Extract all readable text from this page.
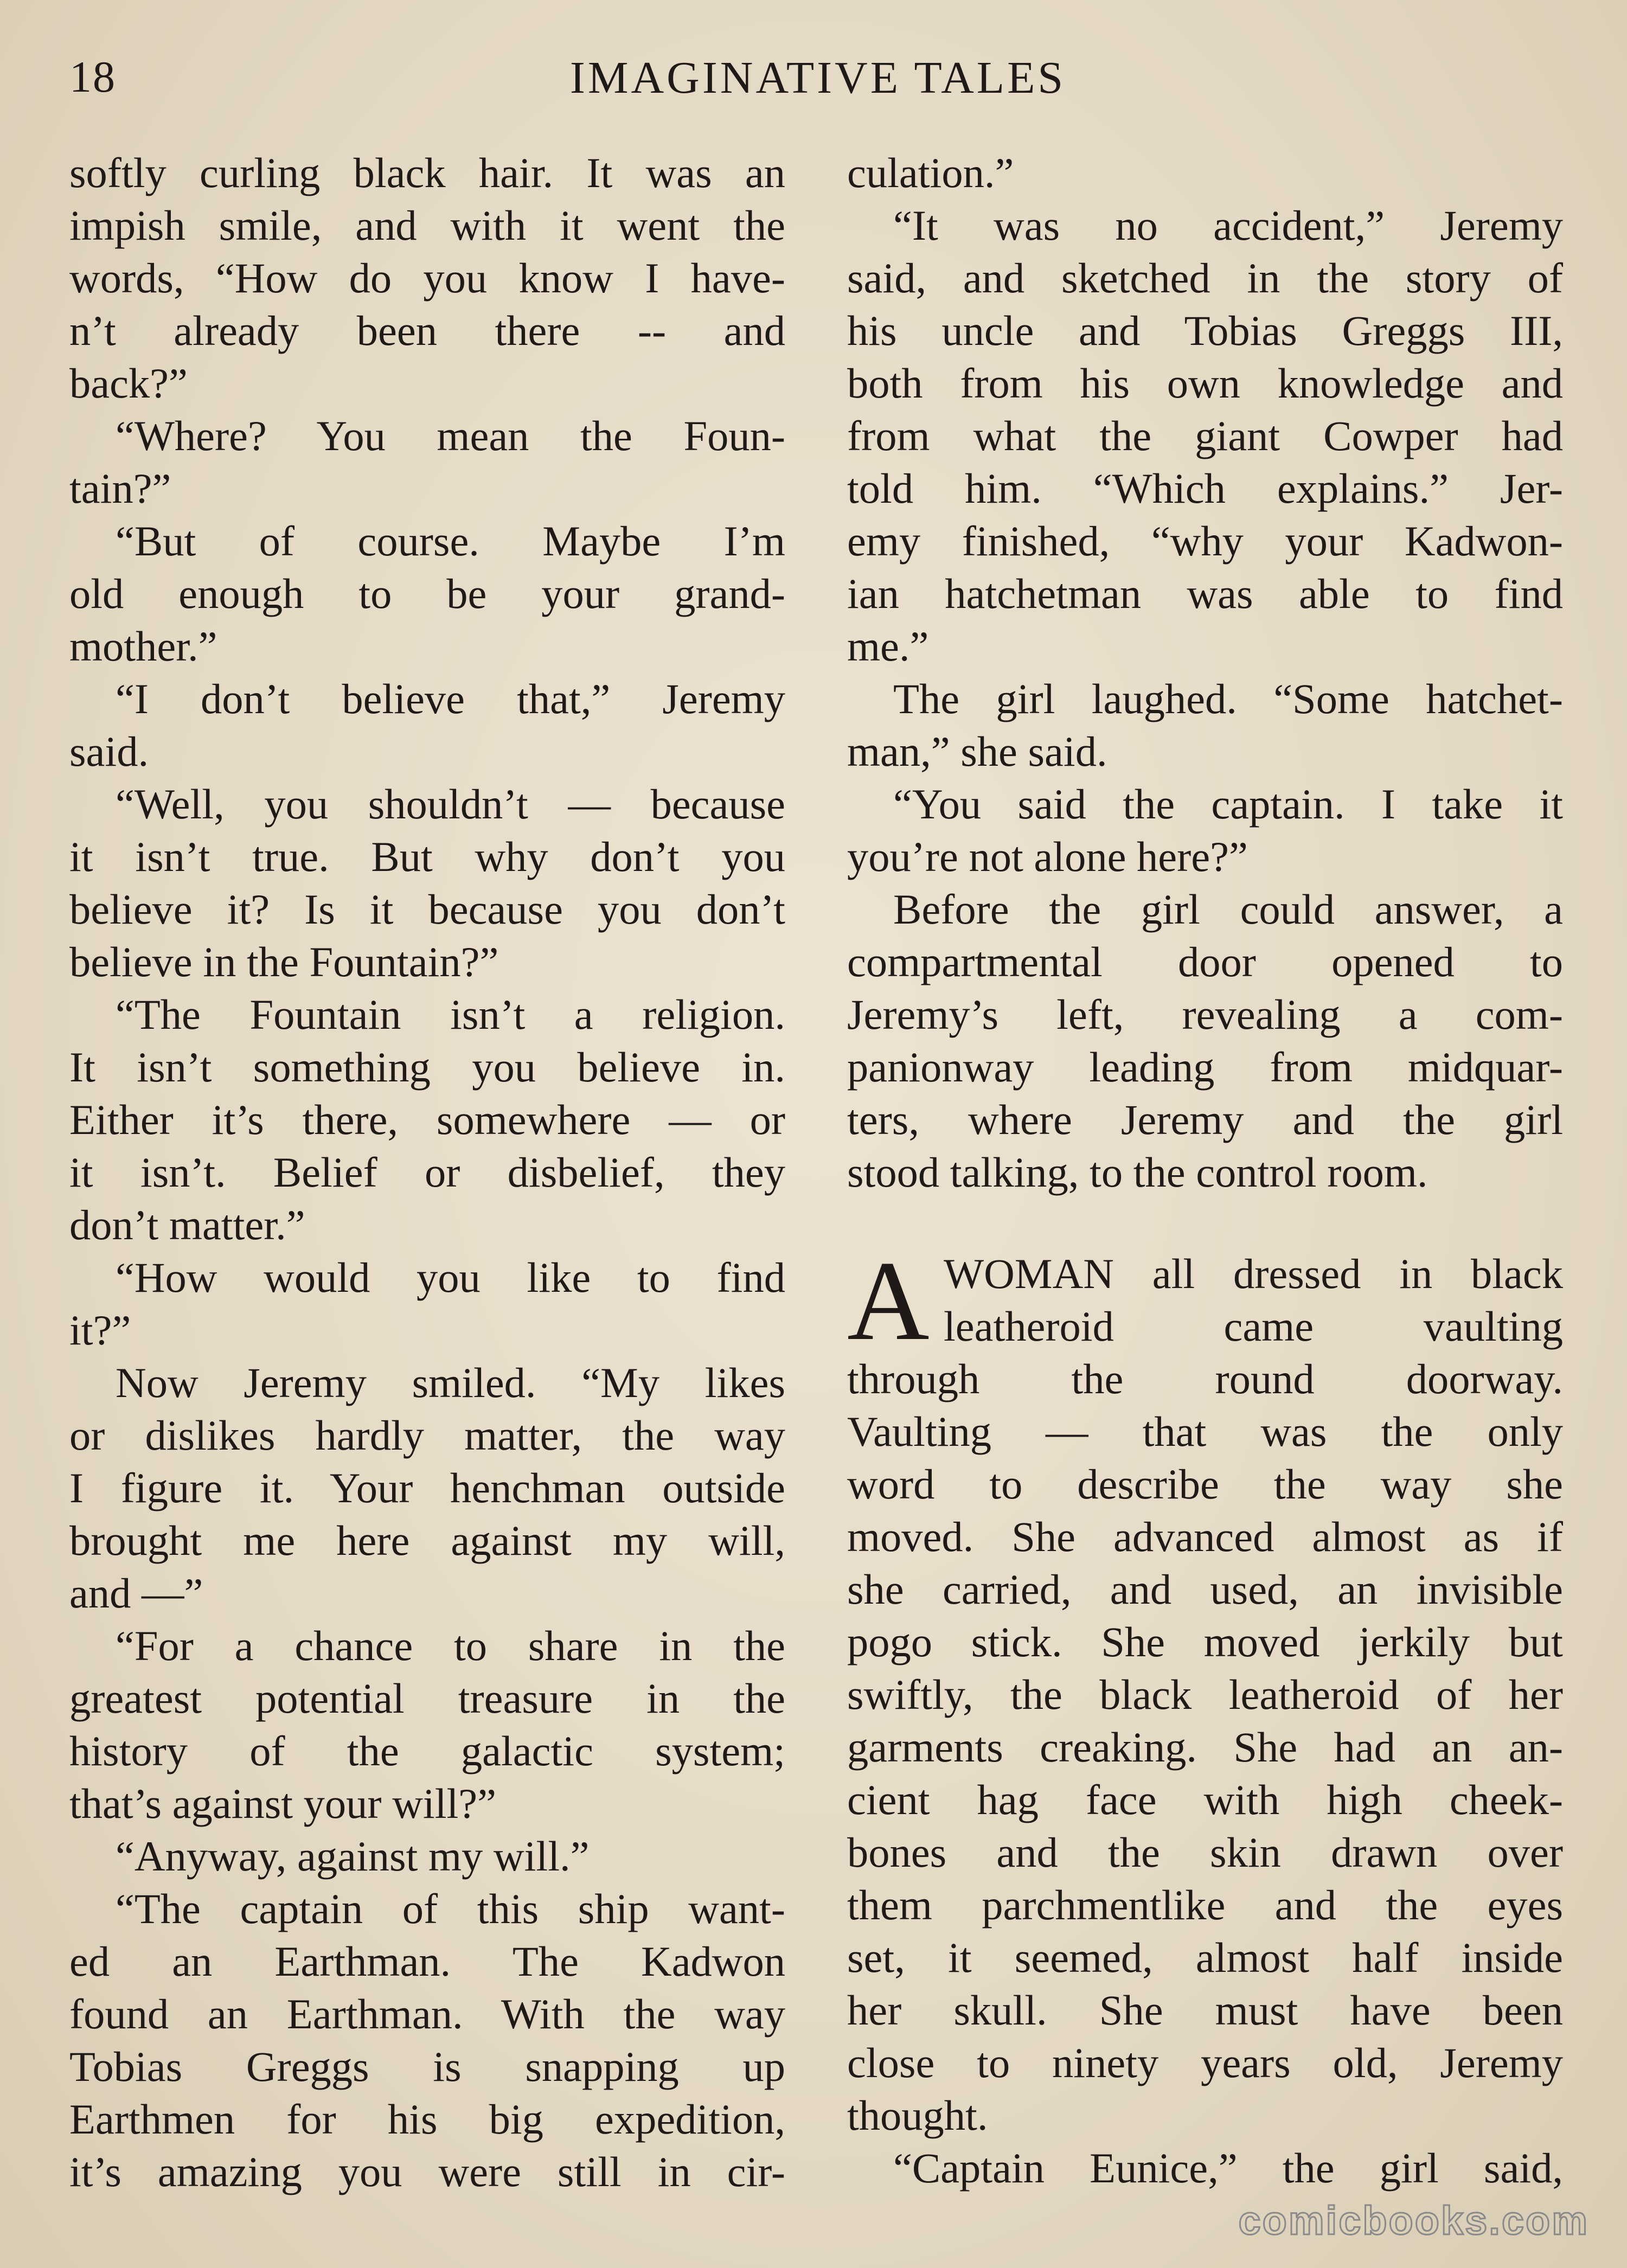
18	IMAGINATIVE TALES
softly curling black hair. It was an
impish smile, and with it went the
words, “How do you know I have-
n’t already been there -- and
back?”
“Where? You mean the Foun-
tain?”
“But of course. Maybe I’m
old enough to be your grand-
mother.”
“I don’t believe that,” Jeremy
said.
“Well, you shouldn’t — because
it isn’t true. But why don’t you
believe it? Is it because you don’t
believe in the Fountain?”
“The Fountain isn’t a religion.
It isn’t something you believe in.
Either it’s there, somewhere — or
it isn’t. Belief or disbelief, they
don’t matter.”
“How would you like to find
it?”
Now Jeremy smiled. “My likes
or dislikes hardly matter, the way
I figure it. Your henchman outside
brought me here against my will,
and —”
“For a chance to share in the
greatest potential treasure in the
history of the galactic system;
that’s against your will?”
“Anyway, against my will.”
“The captain of this ship want-
ed an Earthman. The Kadwon
found an Earthman. With the way
Tobias Greggs is snapping up
Earthmen for his big expedition,
it’s amazing you were still in cir-
culation.”
“It was no accident,” Jeremy
said, and sketched in the story of
his uncle and Tobias Greggs III,
both from his own knowledge and
from what the giant Cowper had
told him. “Which explains.” Jer-
emy finished, “why your Kadwon-
ian hatchetman was able to find
me.”
The girl laughed. “Some hatchet-
man,” she said.
“You said the captain. I take it
you’re not alone here?”
Before the girl could answer, a
compartmental door opened to
Jeremy’s left, revealing a com-
panionway leading from midquar-
ters, where Jeremy and the girl
stood talking, to the control room.
A WOMAN all dressed in black
leatheroid came vaulting
through the round doorway.
Vaulting — that was the only
word to describe the way she
moved. She advanced almost as if
she carried, and used, an invisible
pogo stick. She moved jerkily but
swiftly, the black leatheroid of her
garments creaking. She had an an-
cient hag face with high cheek-
bones and the skin drawn over
them parchmentlike and the eyes
set, it seemed, almost half inside
her skull. She must have been
close to ninety years old, Jeremy
thought.
“Captain Eunice,” the girl said,
comicbooks.com
